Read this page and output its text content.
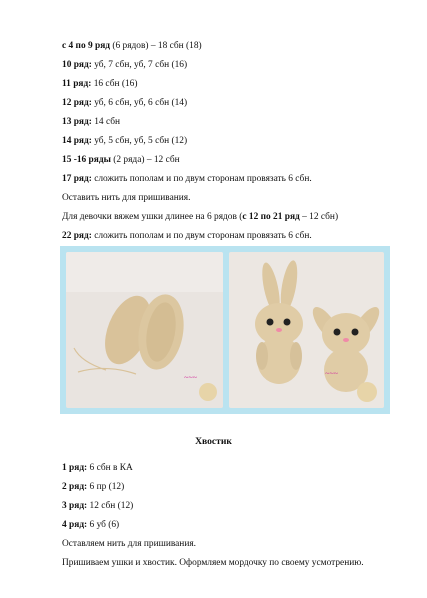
с 4 по 9 ряд (6 рядов) – 18 сбн (18)
10 ряд: уб, 7 сбн, уб, 7 сбн (16)
11 ряд: 16 сбн (16)
12 ряд: уб, 6 сбн, уб, 6 сбн (14)
13 ряд: 14 сбн
14 ряд: уб, 5 сбн, уб, 5 сбн (12)
15 -16 ряды (2 ряда) – 12 сбн
17 ряд: сложить пополам и по двум сторонам провязать 6 сбн.
Оставить нить для пришивания.
Для девочки вяжем ушки длинее на 6 рядов (с 12 по 21 ряд – 12 сбн)
22 ряд: сложить пополам и по двум сторонам провязать 6 сбн.
~~~	~~~
Хвостик
1 ряд: 6 сбн в КА
2 ряд: 6 пр (12)
3 ряд: 12 сбн (12)
4 ряд: 6 уб (6)
Оставляем нить для пришивания.
Пришиваем ушки и хвостик. Оформляем мордочку по своему усмотрению.
